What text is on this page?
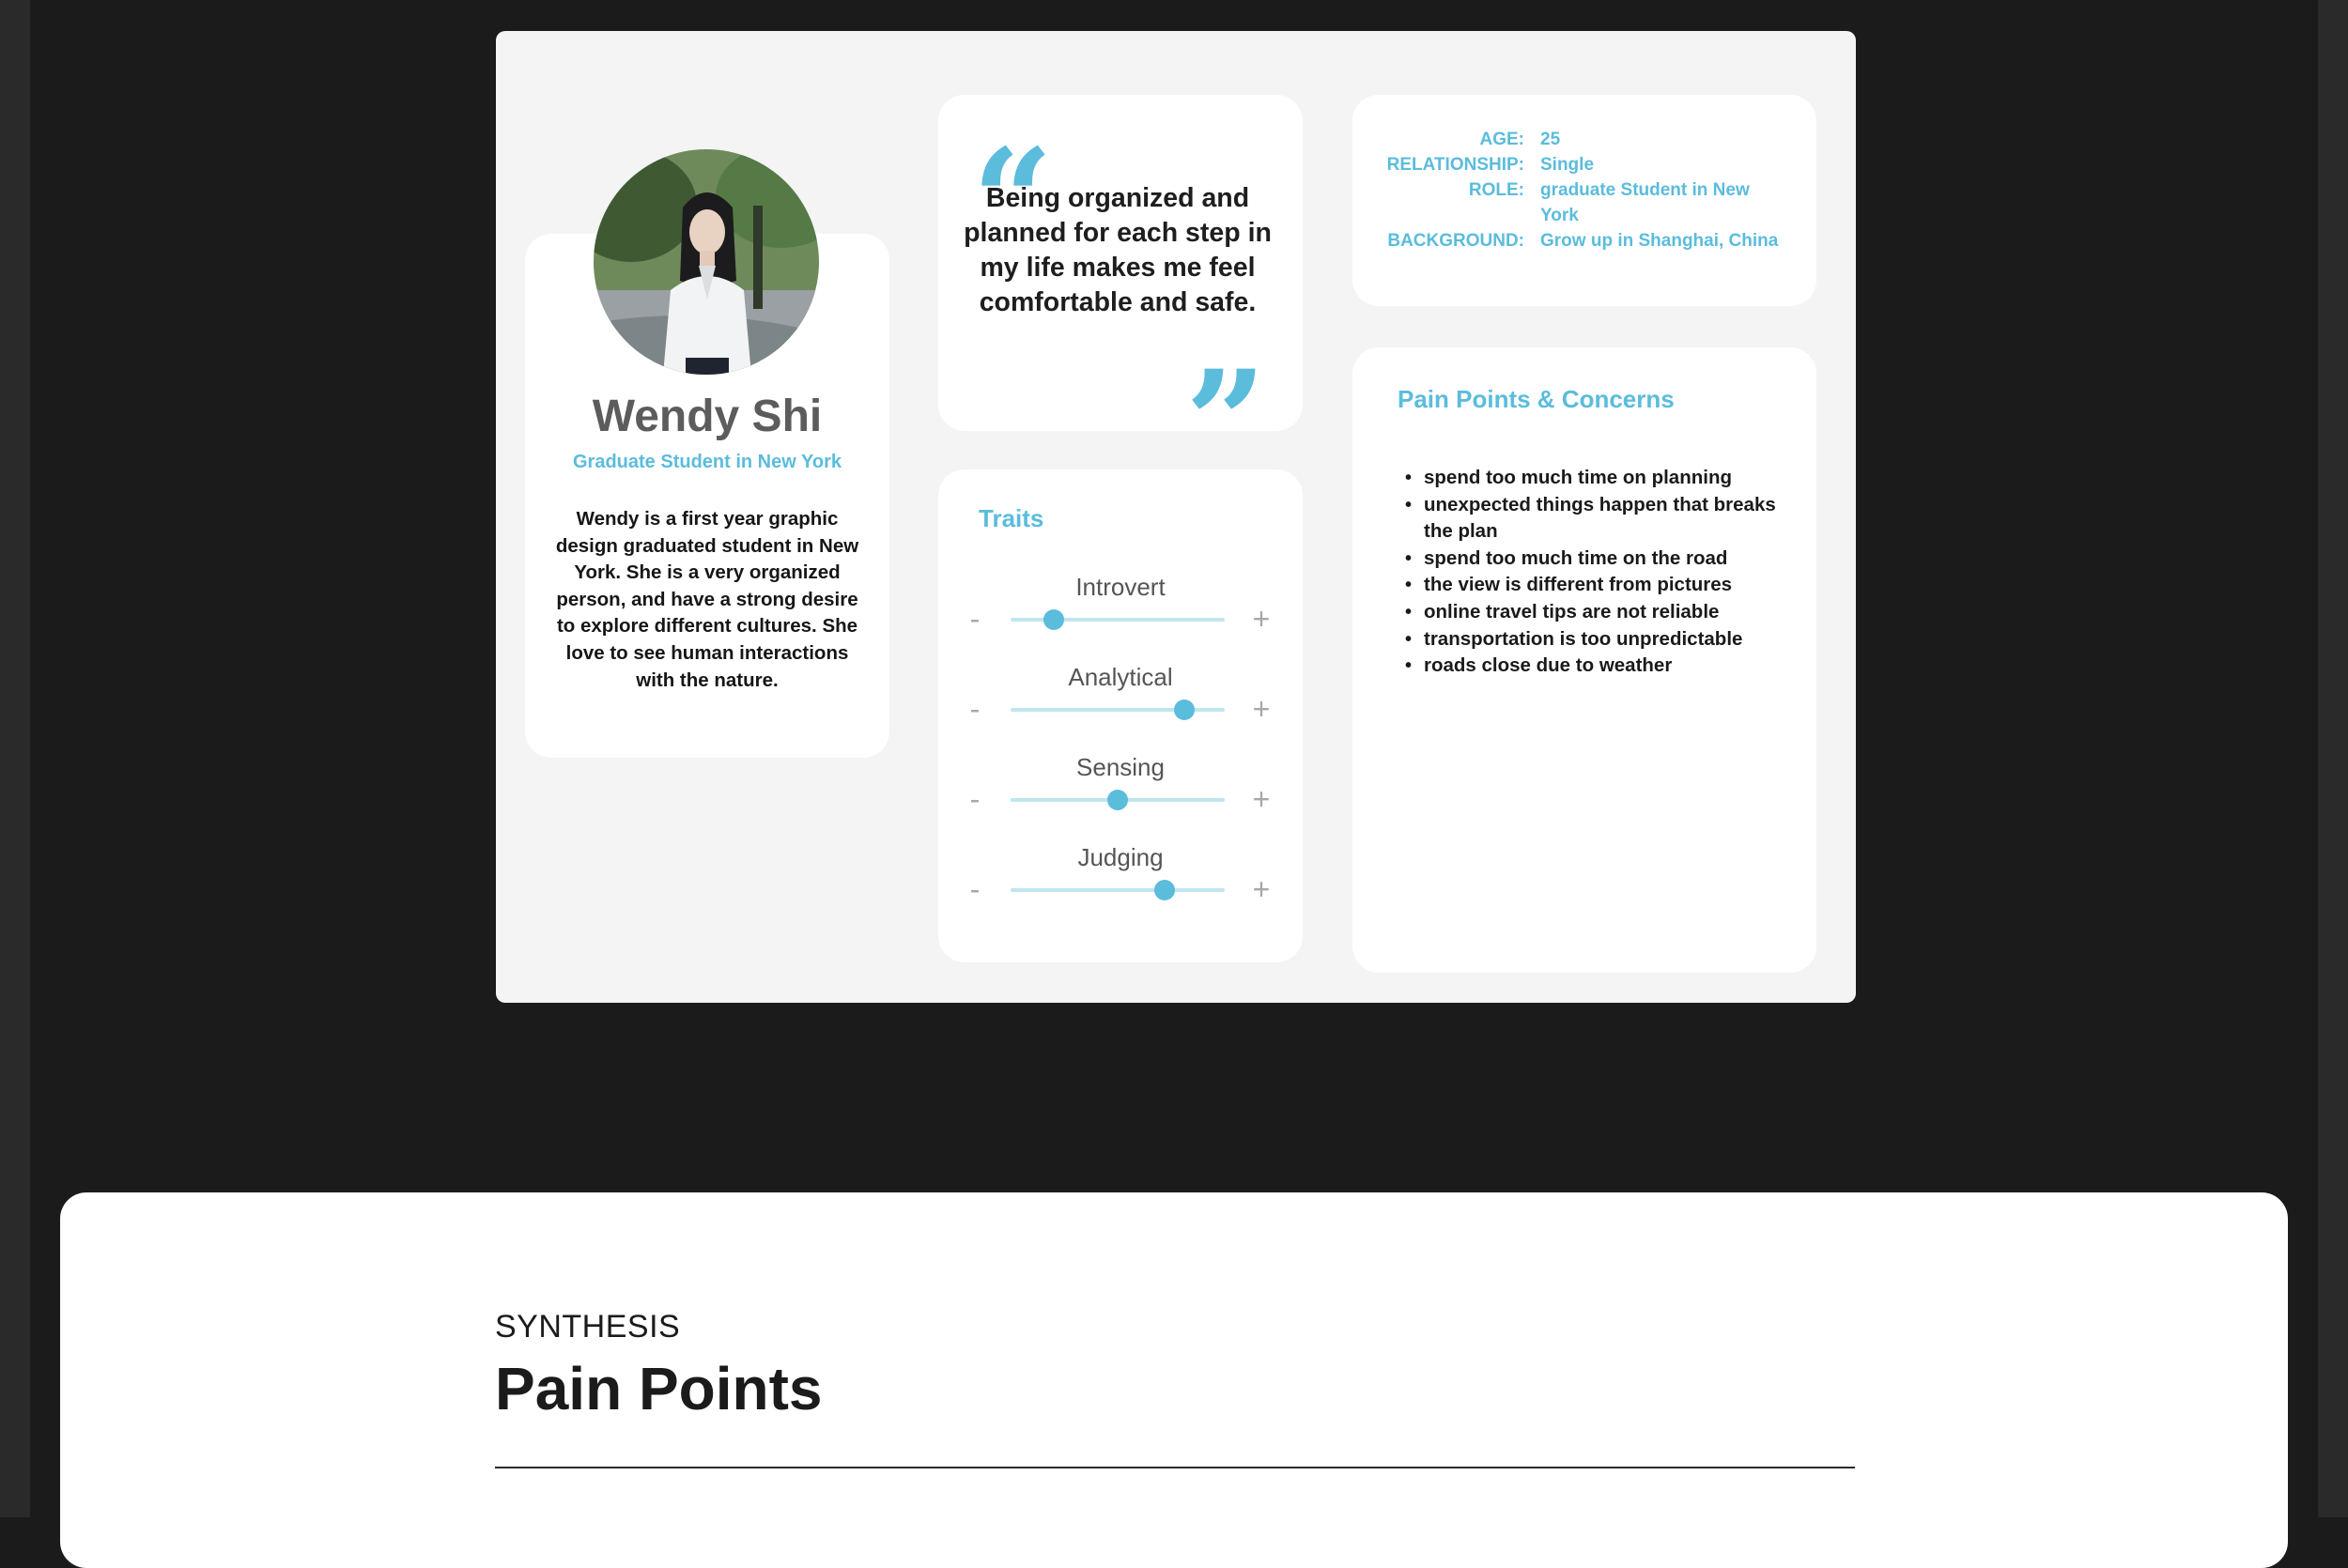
Wendy Shi
Graduate Student in New York
Wendy is a first year graphic design graduated student in New York. She is a very organized person, and have a strong desire to explore different cultures. She love to see human interactions with the nature.
“
Being organized and planned for each step in my life makes me feel comfortable and safe.
”
AGE: 25
RELATIONSHIP: Single
ROLE: graduate Student in New York
BACKGROUND: Grow up in Shanghai, China
Traits
Introvert
-	+
Analytical
-	+
Sensing
-	+
Judging
-	+
Pain Points & Concerns
• spend too much time on planning
• unexpected things happen that breaks the plan
• spend too much time on the road
• the view is different from pictures
• online travel tips are not reliable
• transportation is too unpredictable
• roads close due to weather
SYNTHESIS
Pain Points
